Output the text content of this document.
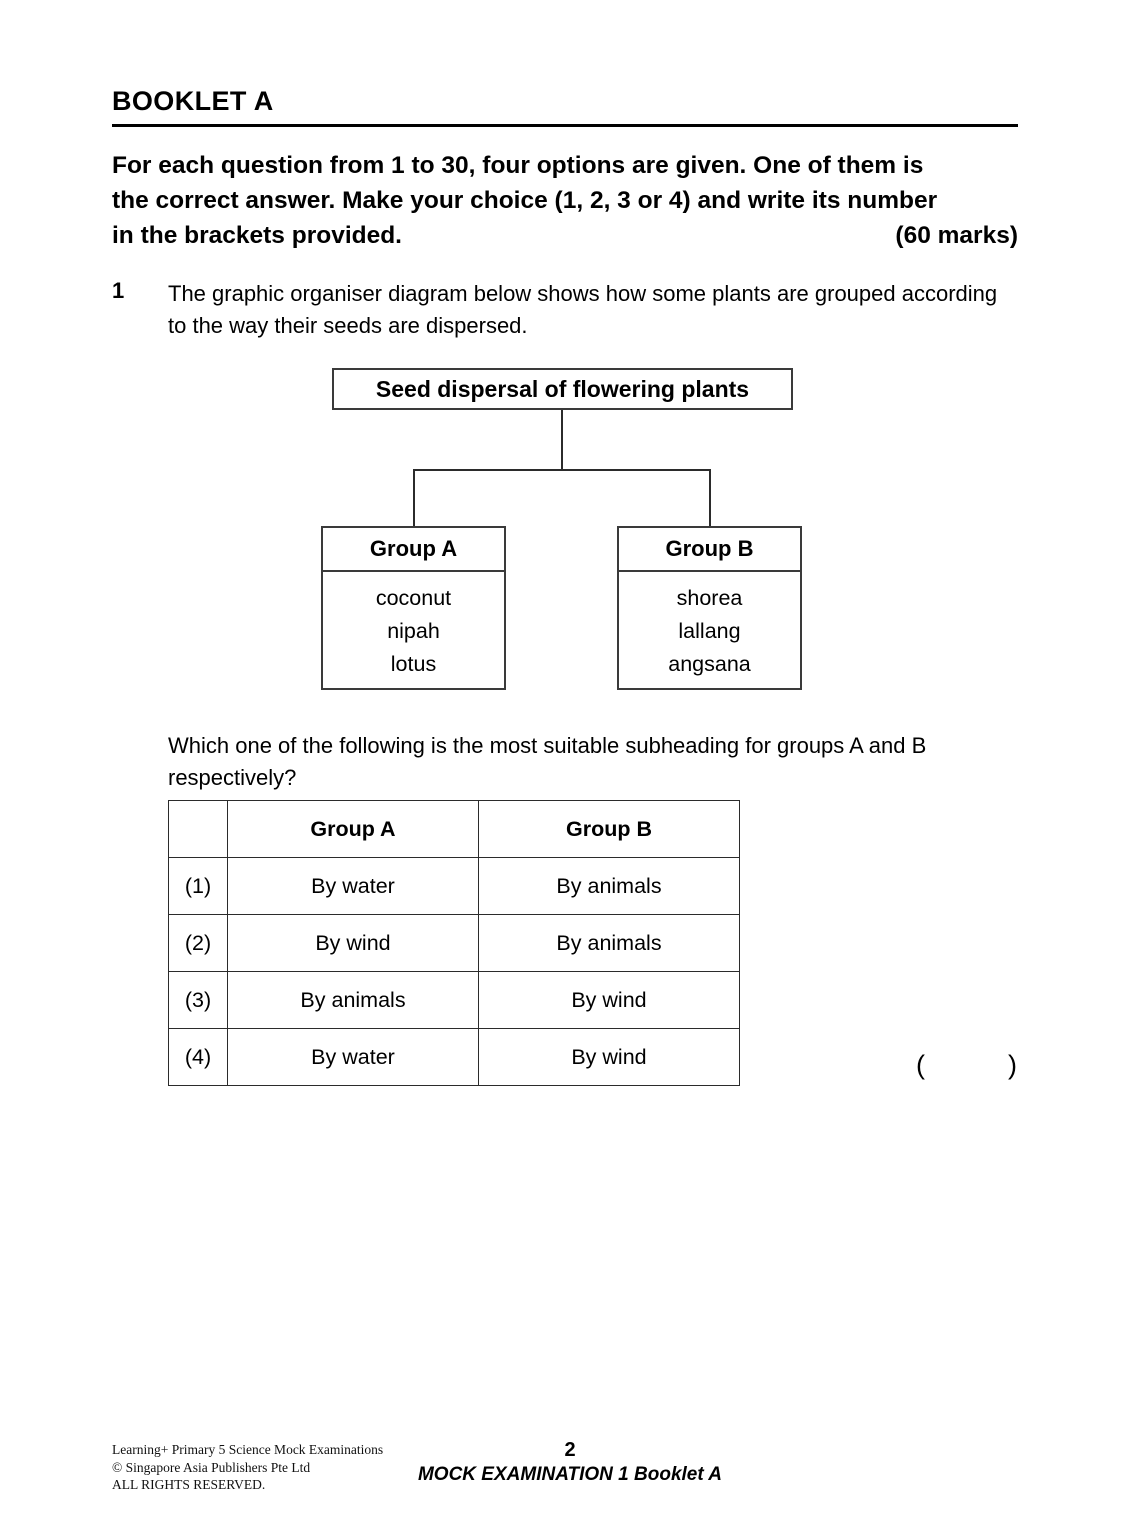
BOOKLET A
For each question from 1 to 30, four options are given. One of them is
the correct answer. Make your choice (1, 2, 3 or 4) and write its number
(60 marks)
in the brackets provided.
1 The graphic organiser diagram below shows how some plants are grouped according to the way their seeds are dispersed.
Seed dispersal of flowering plants
Group A
coconut
nipah
lotus
Group B
shorea
lallang
angsana
Which one of the following is the most suitable subheading for groups A and B respectively?
	Group A	Group B
(1)	By water	By animals
(2)	By wind	By animals
(3)	By animals	By wind
(4)	By water	By wind	(	)
Learning+ Primary 5 Science Mock Examinations
© Singapore Asia Publishers Pte Ltd
ALL RIGHTS RESERVED.
2
MOCK EXAMINATION 1 Booklet A
